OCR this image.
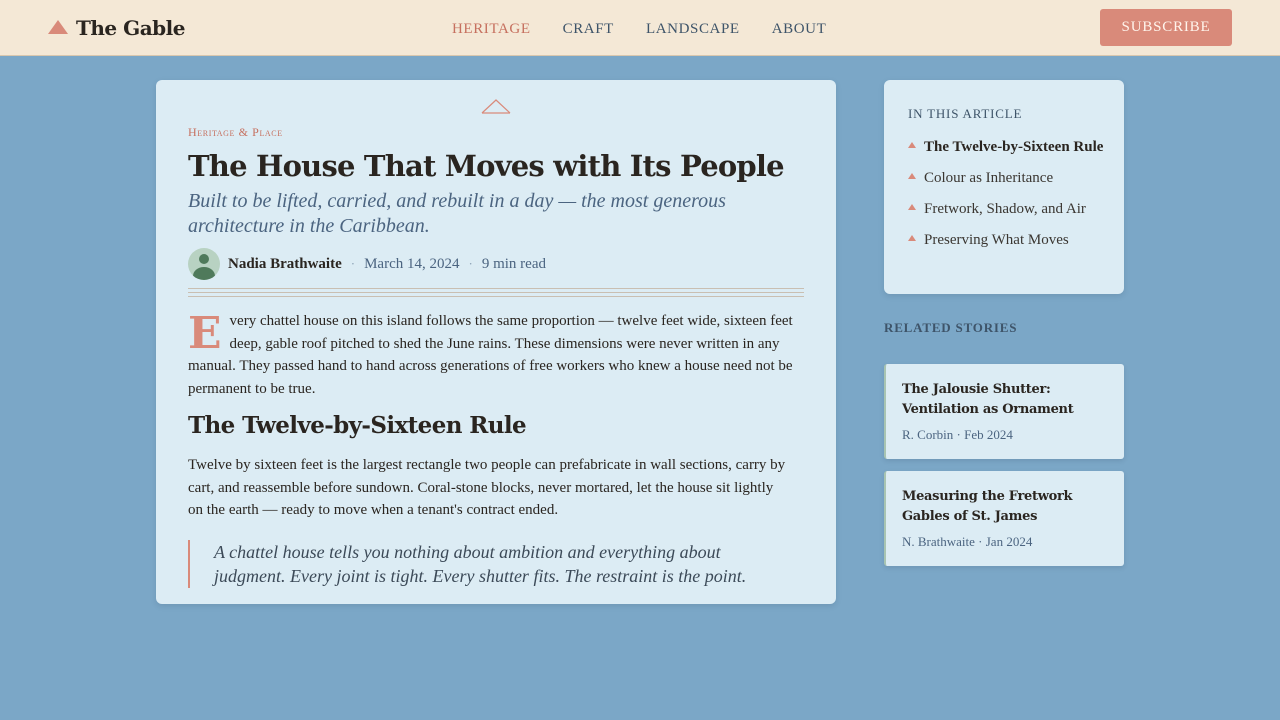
The Gable	HERITAGE CRAFT LANDSCAPE ABOUT	SUBSCRIBE
Heritage & Place
The House That Moves with Its People

Built to be lifted, carried, and rebuilt in a day — the most generous architecture in the Caribbean.

Nadia Brathwaite · March 14, 2024 · 9 min read

Every chattel house on this island follows the same proportion — twelve feet wide, sixteen feet deep, gable roof pitched to shed the June rains. These dimensions were never written in any manual. They passed hand to hand across generations of free workers who knew a house need not be permanent to be true.

The Twelve-by-Sixteen Rule

Twelve by sixteen feet is the largest rectangle two people can prefabricate in wall sections, carry by cart, and reassemble before sundown. Coral-stone blocks, never mortared, let the house sit lightly on the earth — ready to move when a tenant's contract ended.

A chattel house tells you nothing about ambition and everything about judgment. Every joint is tight. Every shutter fits. The restraint is the point.
IN THIS ARTICLE
The Twelve-by-Sixteen Rule
Colour as Inheritance
Fretwork, Shadow, and Air
Preserving What Moves
RELATED STORIES
The Jalousie Shutter: Ventilation as Ornament
R. Corbin · Feb 2024
Measuring the Fretwork Gables of St. James
N. Brathwaite · Jan 2024
